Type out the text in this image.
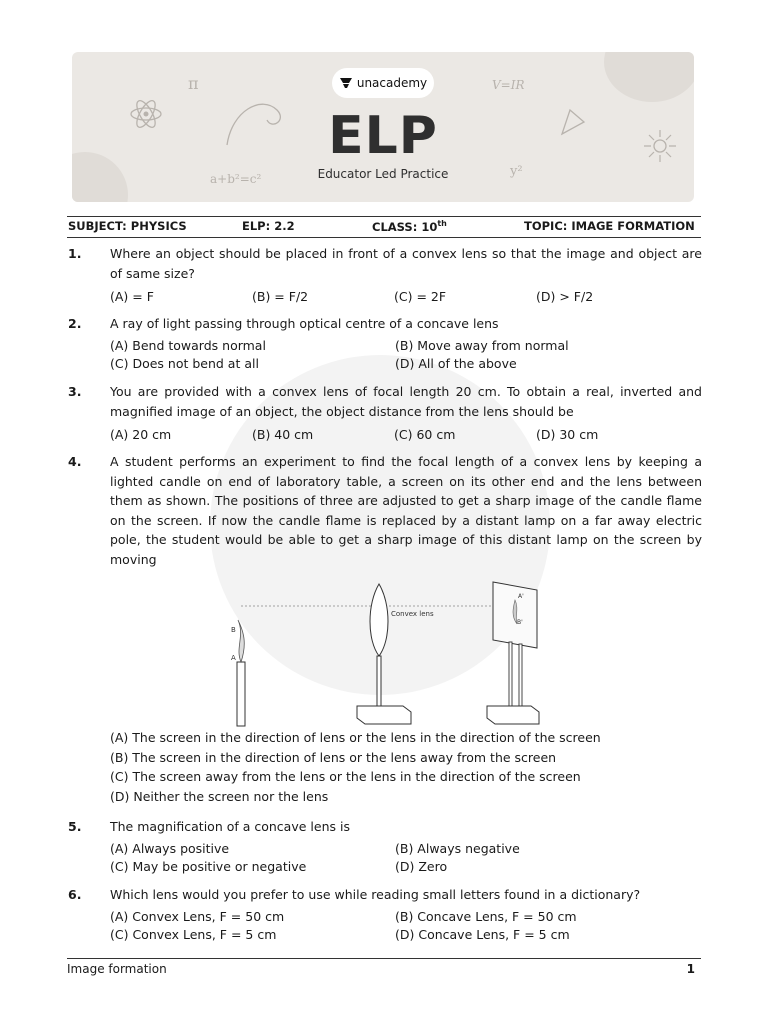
π	V=IR
a+b²=c²	y²
unacademy
ELP
Educator Led Practice
SUBJECT: PHYSICS	ELP: 2.2	CLASS: 10th	TOPIC: IMAGE FORMATION
1. Where an object should be placed in front of a convex lens so that the image and object are of same size?
(A) = F	(B) = F/2	(C) = 2F	(D) > F/2
2. A ray of light passing through optical centre of a concave lens
(A) Bend towards normal	(B) Move away from normal
(C) Does not bend at all	(D) All of the above
3. You are provided with a convex lens of focal length 20 cm. To obtain a real, inverted and magnified image of an object, the object distance from the lens should be
(A) 20 cm	(B) 40 cm	(C) 60 cm	(D) 30 cm
4. A student performs an experiment to find the focal length of a convex lens by keeping a lighted candle on end of laboratory table, a screen on its other end and the lens between them as shown. The positions of three are adjusted to get a sharp image of the candle flame on the screen. If now the candle flame is replaced by a distant lamp on a far away electric pole, the student would be able to get a sharp image of this distant lamp on the screen by moving
B
A
Convex lens
A'
B'
(A) The screen in the direction of lens or the lens in the direction of the screen
(B) The screen in the direction of lens or the lens away from the screen
(C) The screen away from the lens or the lens in the direction of the screen
(D) Neither the screen nor the lens
5. The magnification of a concave lens is
(A) Always positive	(B) Always negative
(C) May be positive or negative	(D) Zero
6. Which lens would you prefer to use while reading small letters found in a dictionary?
(A) Convex Lens, F = 50 cm	(B) Concave Lens, F = 50 cm
(C) Convex Lens, F = 5 cm	(D) Concave Lens, F = 5 cm
Image formation	1
